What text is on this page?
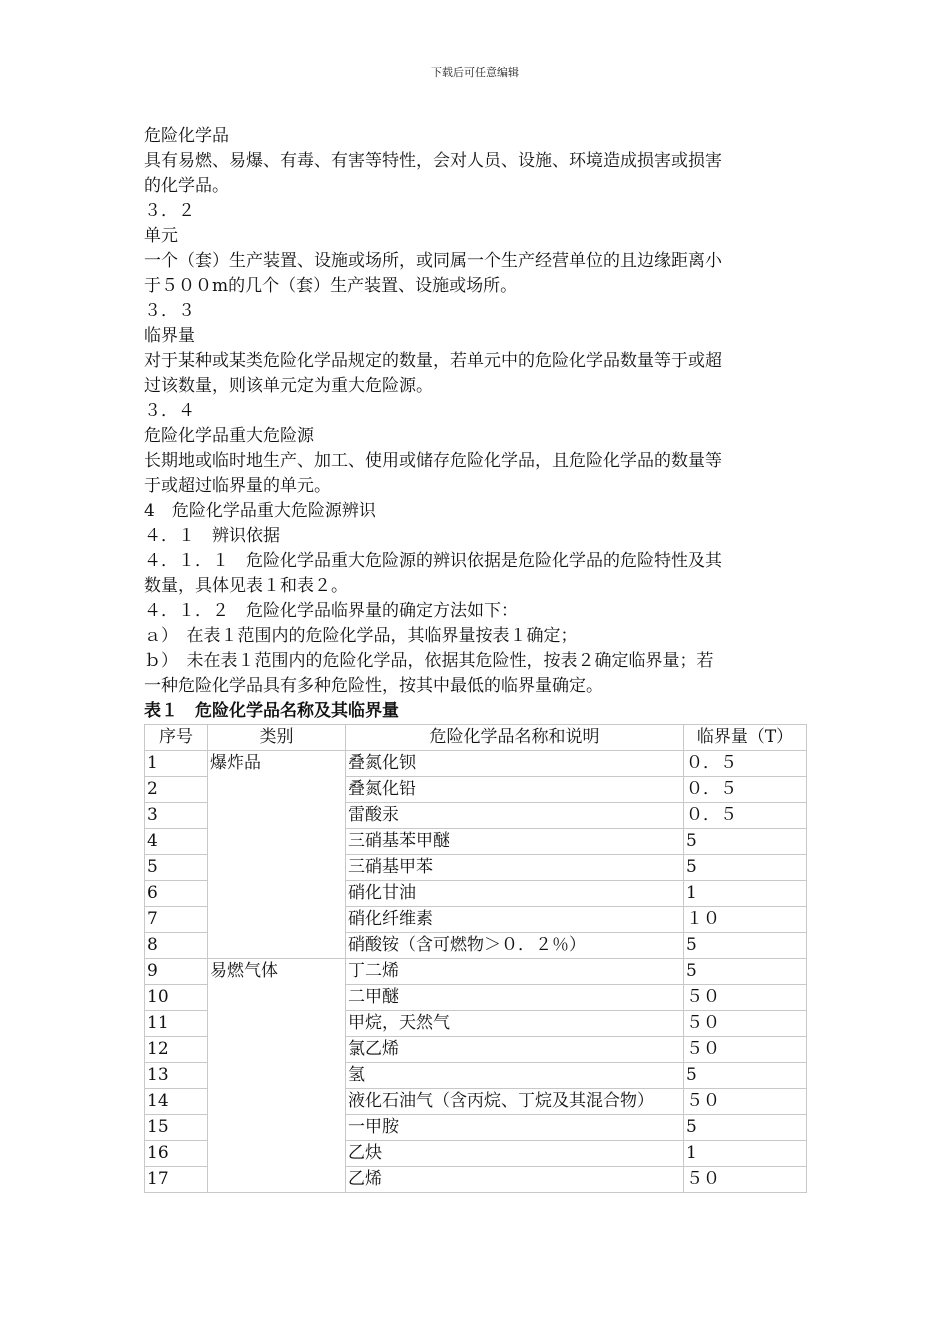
下载后可任意编辑
危险化学品
具有易燃、易爆、有毒、有害等特性，会对人员、设施、环境造成损害或损害
的化学品。
３．２
单元
一个（套）生产装置、设施或场所，或同属一个生产经营单位的且边缘距离小
于５００m的几个（套）生产装置、设施或场所。
３．３
临界量
对于某种或某类危险化学品规定的数量，若单元中的危险化学品数量等于或超
过该数量，则该单元定为重大危险源。
３．４
危险化学品重大危险源
长期地或临时地生产、加工、使用或储存危险化学品，且危险化学品的数量等
于或超过临界量的单元。
4　危险化学品重大危险源辨识
４．１　辨识依据
４．１．１　危险化学品重大危险源的辨识依据是危险化学品的危险特性及其
数量，具体见表１和表２。
４．１．２　危险化学品临界量的确定方法如下：
ａ）　在表１范围内的危险化学品，其临界量按表１确定；
ｂ）　未在表１范围内的危险化学品，依据其危险性，按表２确定临界量；若
一种危险化学品具有多种危险性，按其中最低的临界量确定。
表１　危险化学品名称及其临界量
序号	类别	危险化学品名称和说明	临界量（T）
1	爆炸品	叠氮化钡	０．５
2		叠氮化铅	０．５
3		雷酸汞	０．５
4		三硝基苯甲醚	5
5		三硝基甲苯	5
6		硝化甘油	1
7		硝化纤维素	１０
8		硝酸铵（含可燃物＞０．２％）	5
9	易燃气体	丁二烯	5
10		二甲醚	５０
11		甲烷，天然气	５０
12		氯乙烯	５０
13		氢	5
14		液化石油气（含丙烷、丁烷及其混合物）	５０
15		一甲胺	5
16		乙炔	1
17		乙烯	５０
